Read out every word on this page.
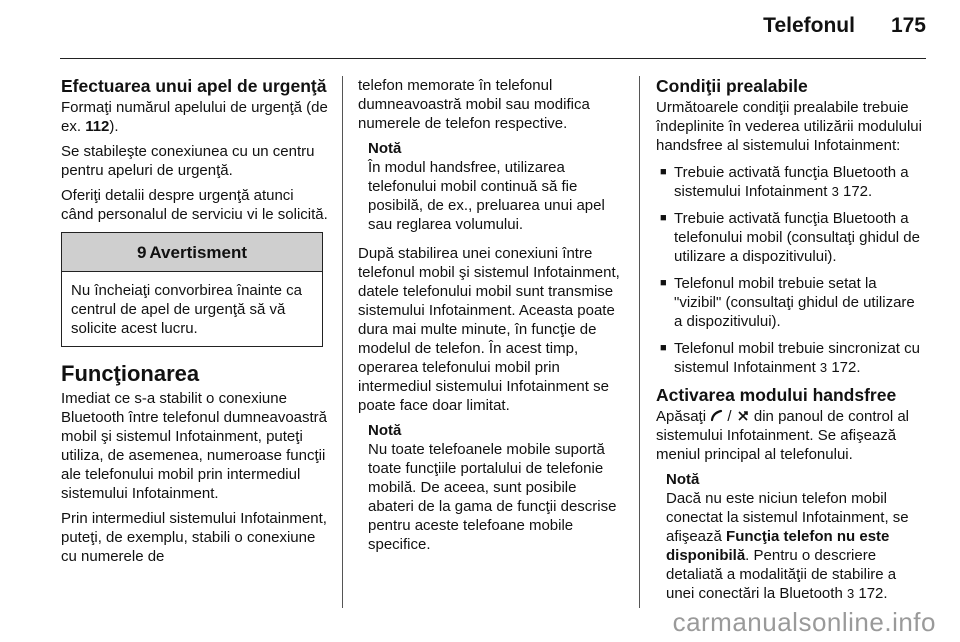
Telefonul 175
Efectuarea unui apel de urgenţă

Formaţi numărul apelului de urgenţă (de ex. 112).

Se stabileşte conexiunea cu un centru pentru apeluri de urgenţă.

Oferiţi detalii despre urgenţă atunci când personalul de serviciu vi le solicită.

9 Avertisment
Nu încheiaţi convorbirea înainte ca centrul de apel de urgenţă să vă solicite acest lucru.
Funcţionarea

Imediat ce s-a stabilit o conexiune Bluetooth între telefonul dumneavoastră mobil şi sistemul Infotainment, puteţi utiliza, de asemenea, numeroase funcţii ale telefonului mobil prin intermediul sistemului Infotainment.

Prin intermediul sistemului Infotainment, puteţi, de exemplu, stabili o conexiune cu numerele de

telefon memorate în telefonul dumneavoastră mobil sau modifica numerele de telefon respective.

Notă
În modul handsfree, utilizarea telefonului mobil continuă să fie posibilă, de ex., preluarea unui apel sau reglarea volumului.

După stabilirea unei conexiuni între telefonul mobil şi sistemul Infotainment, datele telefonului mobil sunt transmise sistemului Infotainment. Aceasta poate dura mai multe minute, în funcţie de modelul de telefon. În acest timp, operarea telefonului mobil prin intermediul sistemului Infotainment se poate face doar limitat.

Notă
Nu toate telefoanele mobile suportă toate funcţiile portalului de telefonie mobilă. De aceea, sunt posibile abateri de la gama de funcţii descrise pentru aceste telefoane mobile specifice.
Condiţii prealabile

Următoarele condiţii prealabile trebuie îndeplinite în vederea utilizării modulului handsfree al sistemului Infotainment:

■ Trebuie activată funcţia Bluetooth a sistemului Infotainment 3 172.
■ Trebuie activată funcţia Bluetooth a telefonului mobil (consultaţi ghidul de utilizare a dispozitivului).
■ Telefonul mobil trebuie setat la "vizibil" (consultaţi ghidul de utilizare a dispozitivului).
■ Telefonul mobil trebuie sincronizat cu sistemul Infotainment 3 172.
Activarea modului handsfree

Apăsaţi  /  din panoul de control al sistemului Infotainment. Se afişează meniul principal al telefonului.

Notă
Dacă nu este niciun telefon mobil conectat la sistemul Infotainment, se afişează Funcţia telefon nu este disponibilă. Pentru o descriere detaliată a modalităţii de stabilire a unei conectări la Bluetooth 3 172.
carmanualsonline.info
